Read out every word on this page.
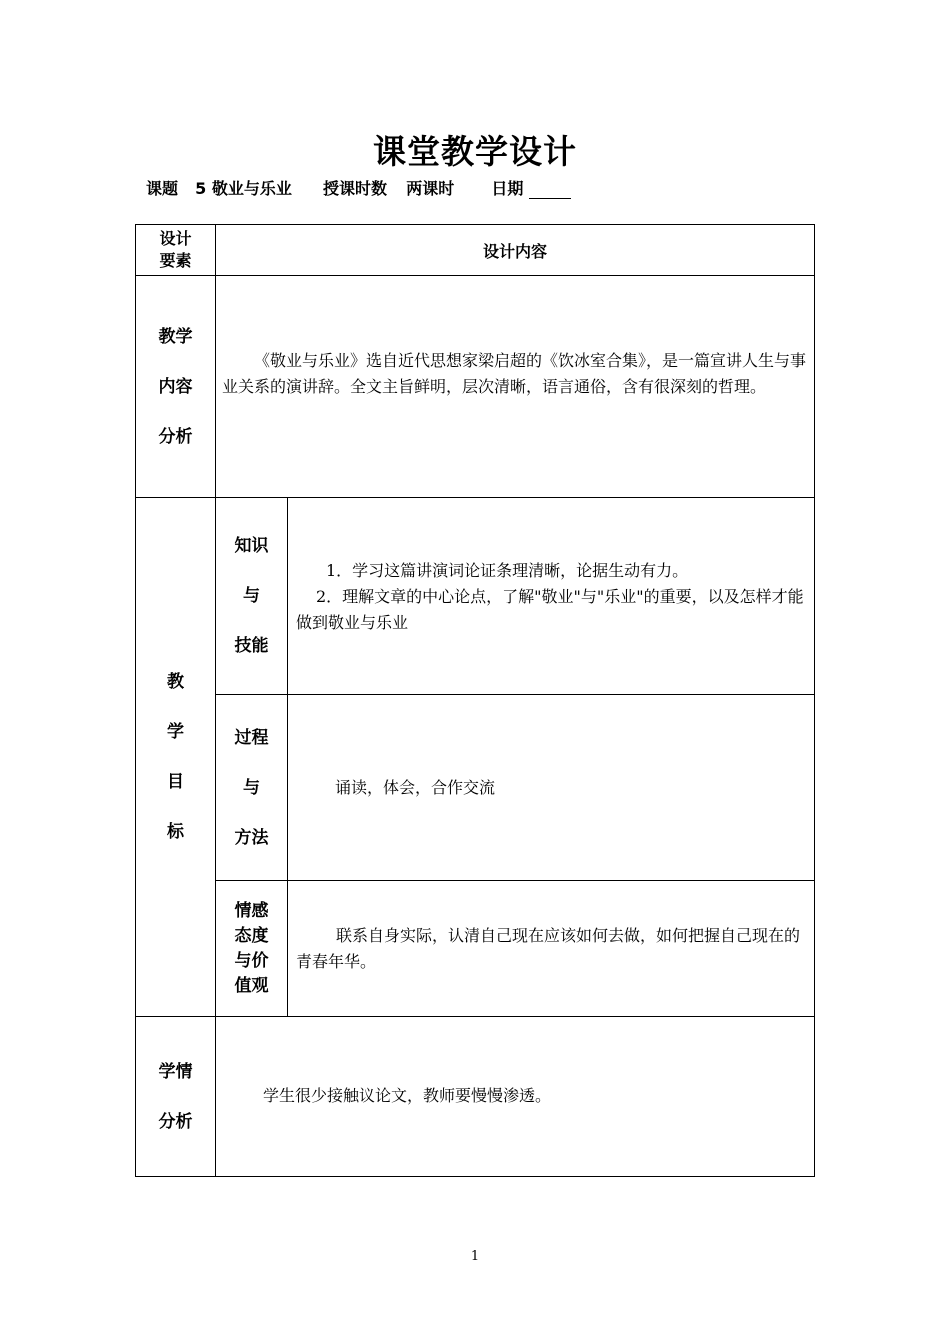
课堂教学设计
课题 5 敬业与乐业 授课时数 两课时 日期
设计
要素	设计内容
教学
内容
分析
《敬业与乐业》选自近代思想家梁启超的《饮冰室合集》，是一篇宣讲人生与事业关系的演讲辞。全文主旨鲜明，层次清晰，语言通俗，含有很深刻的哲理。
教
学
目
标
知识
与
技能
1．学习这篇讲演词论证条理清晰，论据生动有力。
2．理解文章的中心论点，了解"敬业"与"乐业"的重要，以及怎样才能做到敬业与乐业
过程
与
方法
诵读，体会，合作交流
情感
态度
与价
值观
联系自身实际，认清自己现在应该如何去做，如何把握自己现在的青春年华。
学情
分析
学生很少接触议论文，教师要慢慢渗透。
1
